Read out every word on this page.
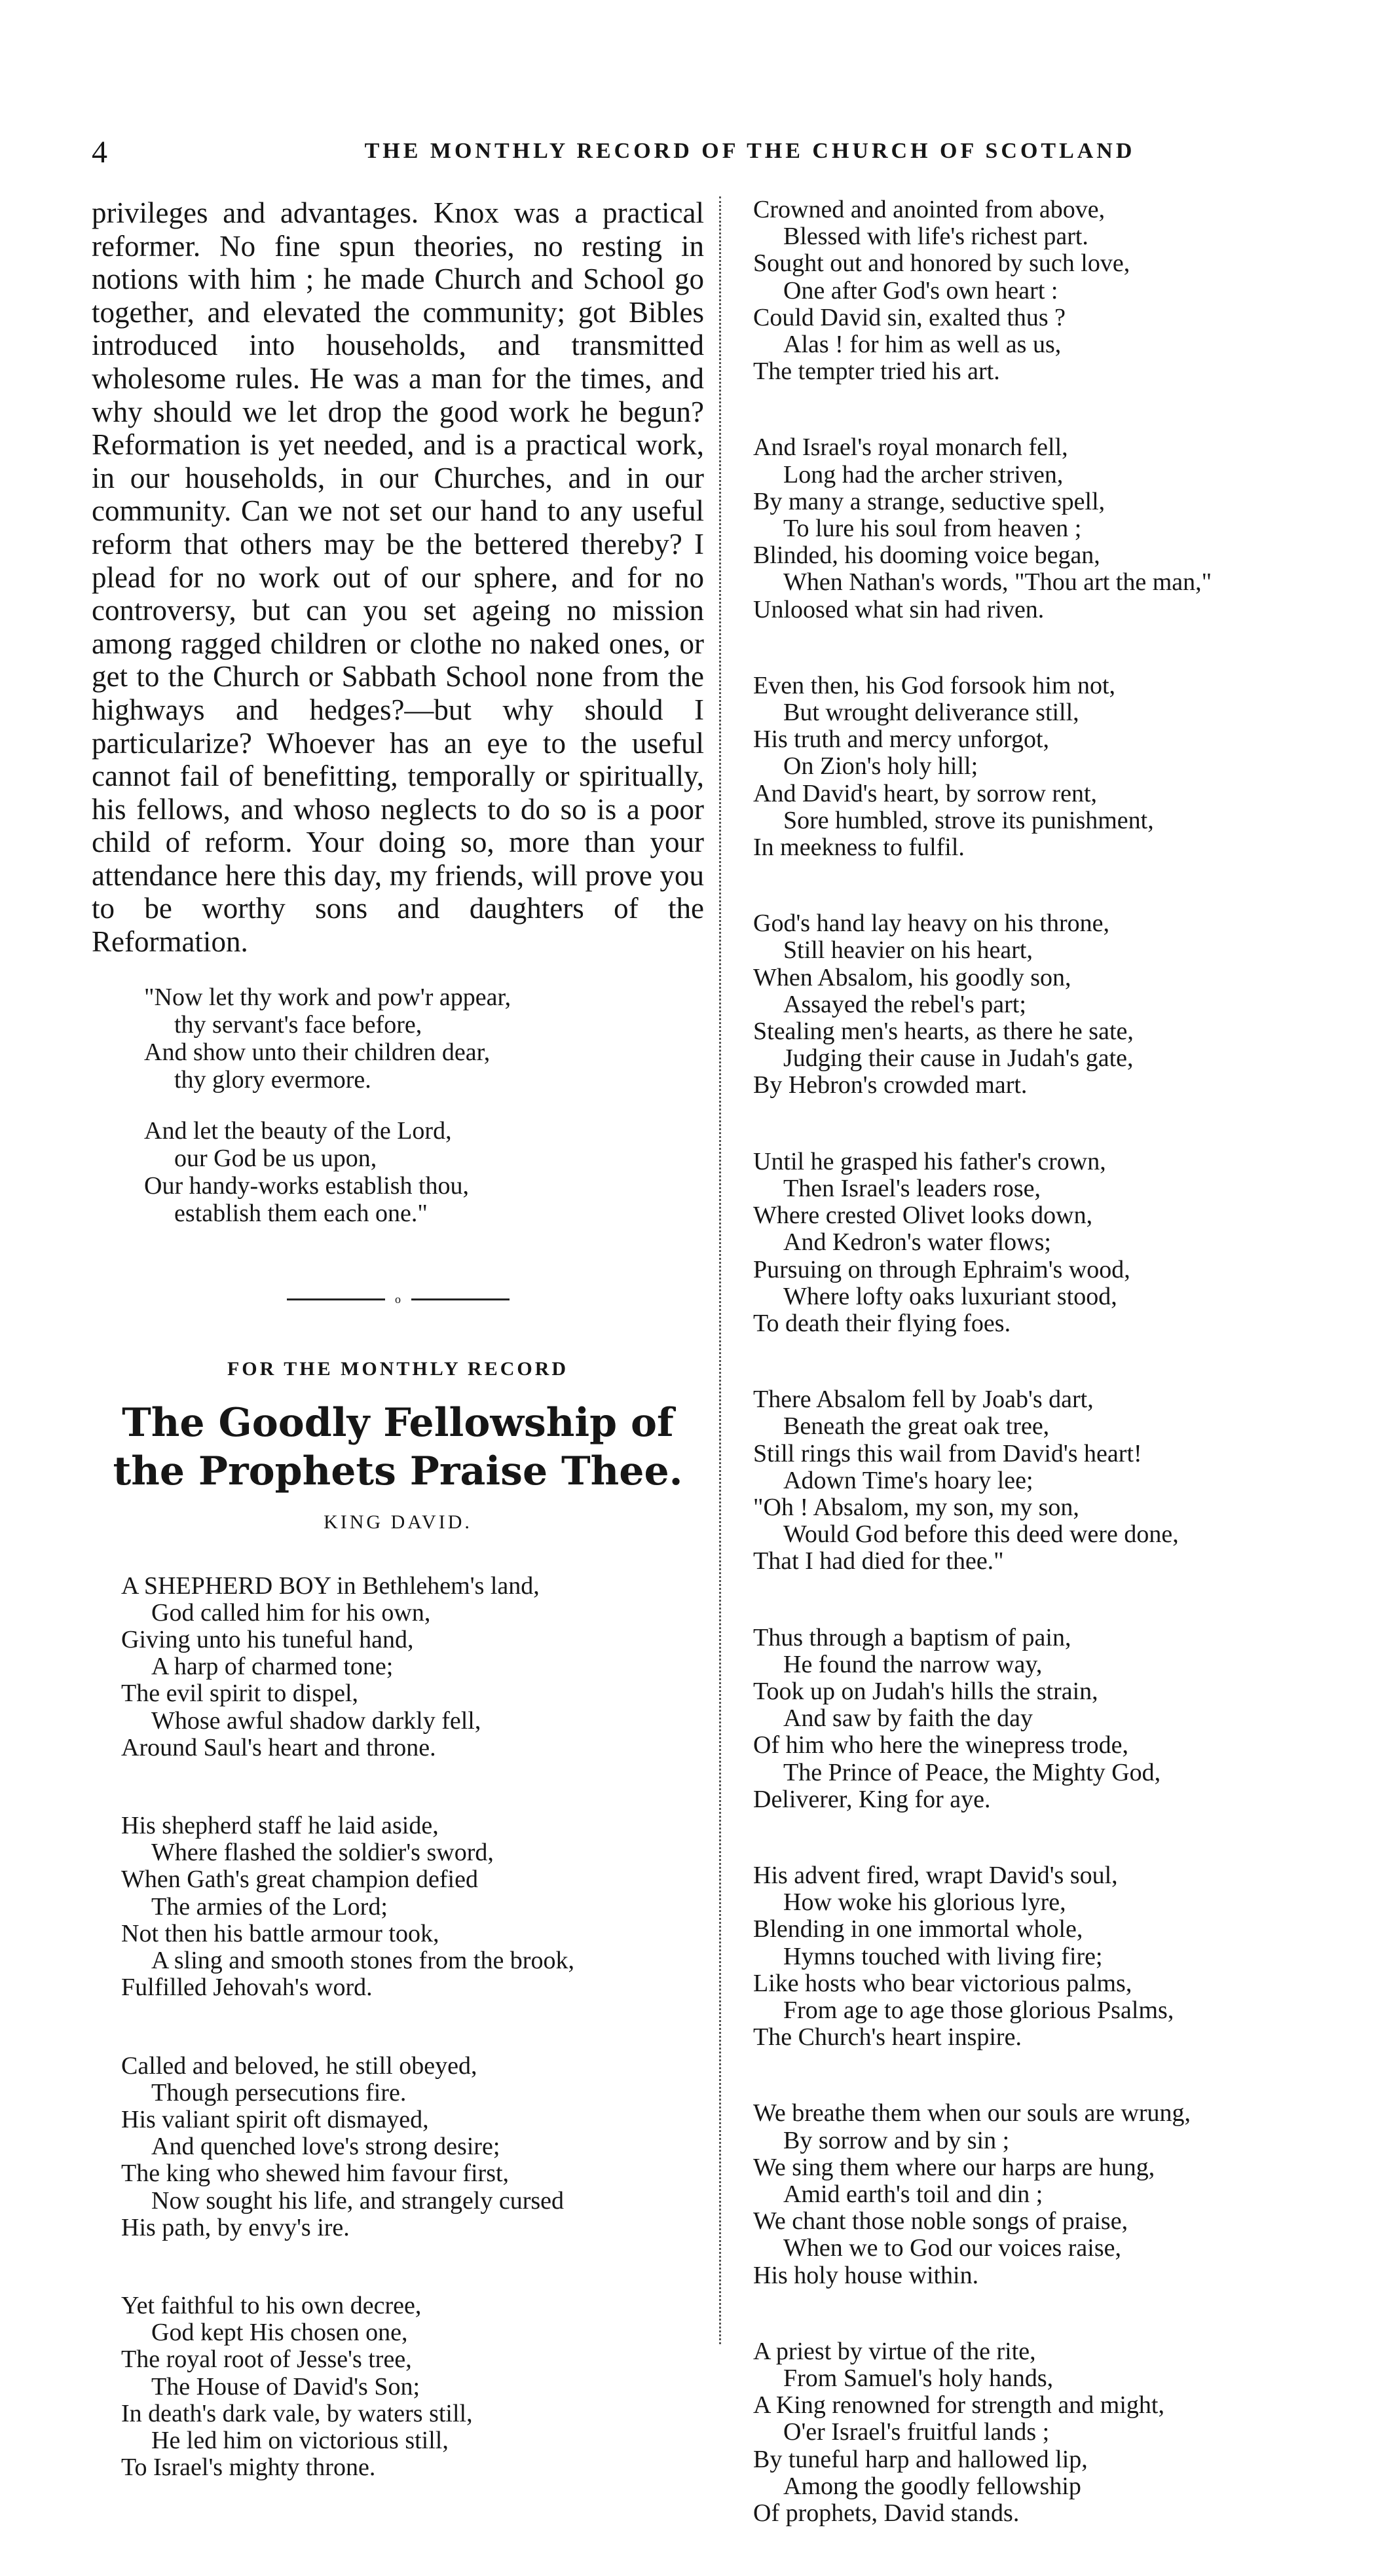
4	THE MONTHLY RECORD OF THE CHURCH OF SCOTLAND

privileges and advantages. Knox was a practical reformer. No fine spun theories, no resting in notions with him ; he made Church and School go together, and elevated the community; got Bibles introduced into households, and transmitted wholesome rules. He was a man for the times, and why should we let drop the good work he begun? Reformation is yet needed, and is a practical work, in our households, in our Churches, and in our community. Can we not set our hand to any useful reform that others may be the bettered thereby? I plead for no work out of our sphere, and for no controversy, but can you set ageing no mission among ragged children or clothe no naked ones, or get to the Church or Sabbath School none from the highways and hedges?—but why should I particularize? Whoever has an eye to the useful cannot fail of benefitting, temporally or spiritually, his fellows, and whoso neglects to do so is a poor child of reform. Your doing so, more than your attendance here this day, my friends, will prove you to be worthy sons and daughters of the Reformation.

"Now let thy work and pow'r appear,
thy servant's face before,
And show unto their children dear,
thy glory evermore.
And let the beauty of the Lord,
our God be us upon,
Our handy-works establish thou,
establish them each one."
o
FOR THE MONTHLY RECORD
The Goodly Fellowship of the Prophets Praise Thee.
KING DAVID.
A SHEPHERD BOY in Bethlehem's land,
God called him for his own,
Giving unto his tuneful hand,
A harp of charmed tone;
The evil spirit to dispel,
Whose awful shadow darkly fell,
Around Saul's heart and throne.
His shepherd staff he laid aside,
Where flashed the soldier's sword,
When Gath's great champion defied
The armies of the Lord;
Not then his battle armour took,
A sling and smooth stones from the brook,
Fulfilled Jehovah's word.
Called and beloved, he still obeyed,
Though persecutions fire.
His valiant spirit oft dismayed,
And quenched love's strong desire;
The king who shewed him favour first,
Now sought his life, and strangely cursed
His path, by envy's ire.
Yet faithful to his own decree,
God kept His chosen one,
The royal root of Jesse's tree,
The House of David's Son;
In death's dark vale, by waters still,
He led him on victorious still,
To Israel's mighty throne.
Crowned and anointed from above,
Blessed with life's richest part.
Sought out and honored by such love,
One after God's own heart :
Could David sin, exalted thus ?
Alas ! for him as well as us,
The tempter tried his art.
And Israel's royal monarch fell,
Long had the archer striven,
By many a strange, seductive spell,
To lure his soul from heaven ;
Blinded, his dooming voice began,
When Nathan's words, "Thou art the man,"
Unloosed what sin had riven.
Even then, his God forsook him not,
But wrought deliverance still,
His truth and mercy unforgot,
On Zion's holy hill;
And David's heart, by sorrow rent,
Sore humbled, strove its punishment,
In meekness to fulfil.
God's hand lay heavy on his throne,
Still heavier on his heart,
When Absalom, his goodly son,
Assayed the rebel's part;
Stealing men's hearts, as there he sate,
Judging their cause in Judah's gate,
By Hebron's crowded mart.
Until he grasped his father's crown,
Then Israel's leaders rose,
Where crested Olivet looks down,
And Kedron's water flows;
Pursuing on through Ephraim's wood,
Where lofty oaks luxuriant stood,
To death their flying foes.
There Absalom fell by Joab's dart,
Beneath the great oak tree,
Still rings this wail from David's heart!
Adown Time's hoary lee;
"Oh ! Absalom, my son, my son,
Would God before this deed were done,
That I had died for thee."
Thus through a baptism of pain,
He found the narrow way,
Took up on Judah's hills the strain,
And saw by faith the day
Of him who here the winepress trode,
The Prince of Peace, the Mighty God,
Deliverer, King for aye.
His advent fired, wrapt David's soul,
How woke his glorious lyre,
Blending in one immortal whole,
Hymns touched with living fire;
Like hosts who bear victorious palms,
From age to age those glorious Psalms,
The Church's heart inspire.
We breathe them when our souls are wrung,
By sorrow and by sin ;
We sing them where our harps are hung,
Amid earth's toil and din ;
We chant those noble songs of praise,
When we to God our voices raise,
His holy house within.
A priest by virtue of the rite,
From Samuel's holy hands,
A King renowned for strength and might,
O'er Israel's fruitful lands ;
By tuneful harp and hallowed lip,
Among the goodly fellowship
Of prophets, David stands.
